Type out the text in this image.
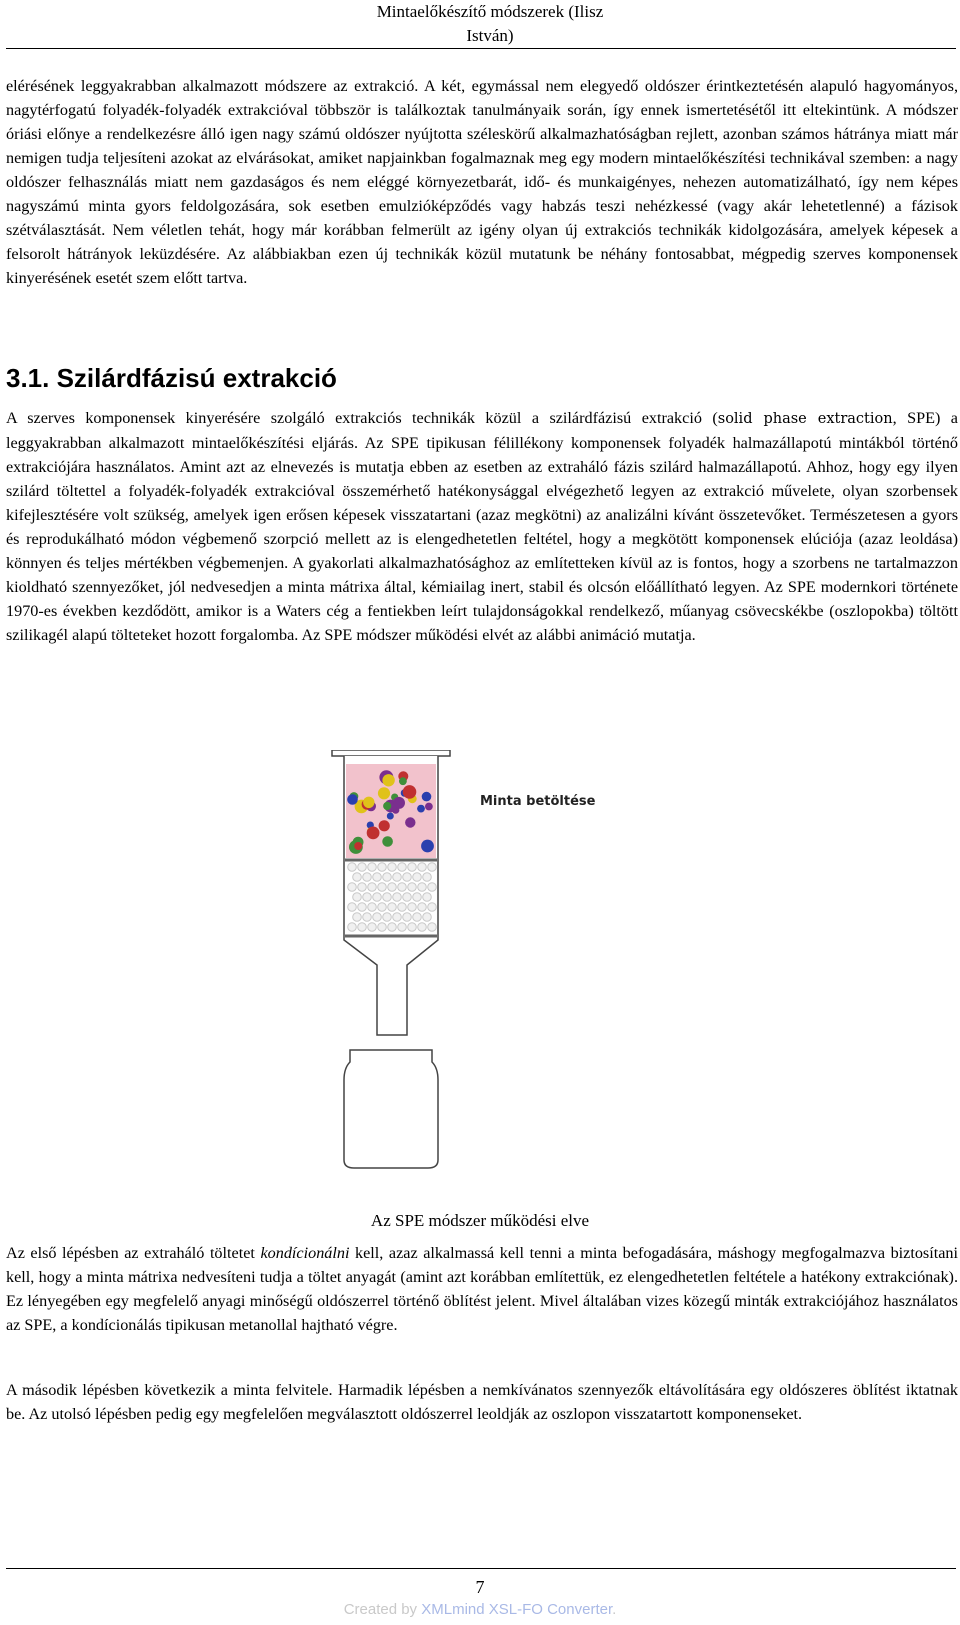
Mintaelőkészítő módszerek (Ilisz
István)

elérésének leggyakrabban alkalmazott módszere az extrakció. A két, egymással nem elegyedő oldószer érintkeztetésén alapuló hagyományos, nagytérfogatú folyadék-folyadék extrakcióval többször is találkoztak tanulmányaik során, így ennek ismertetésétől itt eltekintünk. A módszer óriási előnye a rendelkezésre álló igen nagy számú oldószer nyújtotta széleskörű alkalmazhatóságban rejlett, azonban számos hátránya miatt már nemigen tudja teljesíteni azokat az elvárásokat, amiket napjainkban fogalmaznak meg egy modern mintaelőkészítési technikával szemben: a nagy oldószer felhasználás miatt nem gazdaságos és nem eléggé környezetbarát, idő- és munkaigényes, nehezen automatizálható, így nem képes nagyszámú minta gyors feldolgozására, sok esetben emulzióképződés vagy habzás teszi nehézkessé (vagy akár lehetetlenné) a fázisok szétválasztását. Nem véletlen tehát, hogy már korábban felmerült az igény olyan új extrakciós technikák kidolgozására, amelyek képesek a felsorolt hátrányok leküzdésére. Az alábbiakban ezen új technikák közül mutatunk be néhány fontosabbat, mégpedig szerves komponensek kinyerésének esetét szem előtt tartva.

3.1. Szilárdfázisú extrakció

A szerves komponensek kinyerésére szolgáló extrakciós technikák közül a szilárdfázisú extrakció (solid phase extraction, SPE) a leggyakrabban alkalmazott mintaelőkészítési eljárás. Az SPE tipikusan félillékony komponensek folyadék halmazállapotú mintákból történő extrakciójára használatos. Amint azt az elnevezés is mutatja ebben az esetben az extraháló fázis szilárd halmazállapotú. Ahhoz, hogy egy ilyen szilárd töltettel a folyadék-folyadék extrakcióval összemérhető hatékonysággal elvégezhető legyen az extrakció művelete, olyan szorbensek kifejlesztésére volt szükség, amelyek igen erősen képesek visszatartani (azaz megkötni) az analizálni kívánt összetevőket. Természetesen a gyors és reprodukálható módon végbemenő szorpció mellett az is elengedhetetlen feltétel, hogy a megkötött komponensek elúciója (azaz leoldása) könnyen és teljes mértékben végbemenjen. A gyakorlati alkalmazhatósághoz az említetteken kívül az is fontos, hogy a szorbens ne tartalmazzon kioldható szennyezőket, jól nedvesedjen a minta mátrixa által, kémiailag inert, stabil és olcsón előállítható legyen. Az SPE modernkori története 1970-es években kezdődött, amikor is a Waters cég a fentiekben leírt tulajdonságokkal rendelkező, műanyag csövecskékbe (oszlopokba) töltött szilikagél alapú tölteteket hozott forgalomba. Az SPE módszer működési elvét az alábbi animáció mutatja.

Minta betöltése
Az SPE módszer működési elve

Az első lépésben az extraháló töltetet kondícionálni kell, azaz alkalmassá kell tenni a minta befogadására, máshogy megfogalmazva biztosítani kell, hogy a minta mátrixa nedvesíteni tudja a töltet anyagát (amint azt korábban említettük, ez elengedhetetlen feltétele a hatékony extrakciónak). Ez lényegében egy megfelelő anyagi minőségű oldószerrel történő öblítést jelent. Mivel általában vizes közegű minták extrakciójához használatos az SPE, a kondícionálás tipikusan metanollal hajtható végre.

A második lépésben következik a minta felvitele. Harmadik lépésben a nemkívánatos szennyezők eltávolítására egy oldószeres öblítést iktatnak be. Az utolsó lépésben pedig egy megfelelően megválasztott oldószerrel leoldják az oszlopon visszatartott komponenseket.

7
Created by XMLmind XSL-FO Converter.
